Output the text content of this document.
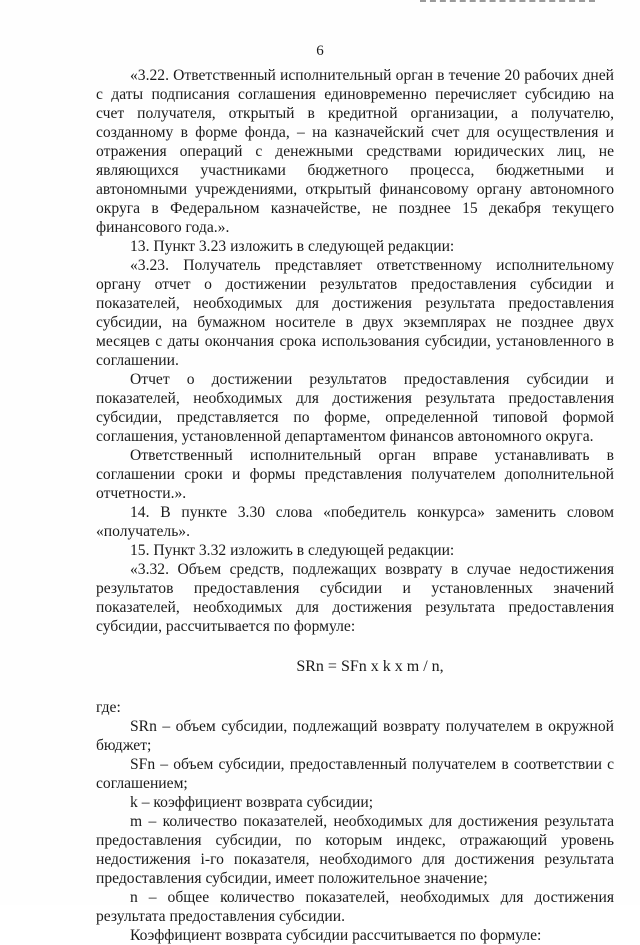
6

«3.22. Ответственный исполнительный орган в течение 20 рабочих дней с даты подписания соглашения единовременно перечисляет субсидию на счет получателя, открытый в кредитной организации, а получателю, созданному в форме фонда, – на казначейский счет для осуществления и отражения операций с денежными средствами юридических лиц, не являющихся участниками бюджетного процесса, бюджетными и автономными учреждениями, открытый финансовому органу автономного округа в Федеральном казначействе, не позднее 15 декабря текущего финансового года.».

13. Пункт 3.23 изложить в следующей редакции:

«3.23. Получатель представляет ответственному исполнительному органу отчет о достижении результатов предоставления субсидии и показателей, необходимых для достижения результата предоставления субсидии, на бумажном носителе в двух экземплярах не позднее двух месяцев с даты окончания срока использования субсидии, установленного в соглашении.

Отчет о достижении результатов предоставления субсидии и показателей, необходимых для достижения результата предоставления субсидии, представляется по форме, определенной типовой формой соглашения, установленной департаментом финансов автономного округа.

Ответственный исполнительный орган вправе устанавливать в соглашении сроки и формы представления получателем дополнительной отчетности.».

14. В пункте 3.30 слова «победитель конкурса» заменить словом «получатель».

15. Пункт 3.32 изложить в следующей редакции:

«3.32. Объем средств, подлежащих возврату в случае недостижения результатов предоставления субсидии и установленных значений показателей, необходимых для достижения результата предоставления субсидии, рассчитывается по формуле:

SRn = SFn x k x m / n,

где:

SRn – объем субсидии, подлежащий возврату получателем в окружной бюджет;

SFn – объем субсидии, предоставленный получателем в соответствии с соглашением;

k – коэффициент возврата субсидии;

m – количество показателей, необходимых для достижения результата предоставления субсидии, по которым индекс, отражающий уровень недостижения i-го показателя, необходимого для достижения результата предоставления субсидии, имеет положительное значение;

n – общее количество показателей, необходимых для достижения результата предоставления субсидии.

Коэффициент возврата субсидии рассчитывается по формуле:
